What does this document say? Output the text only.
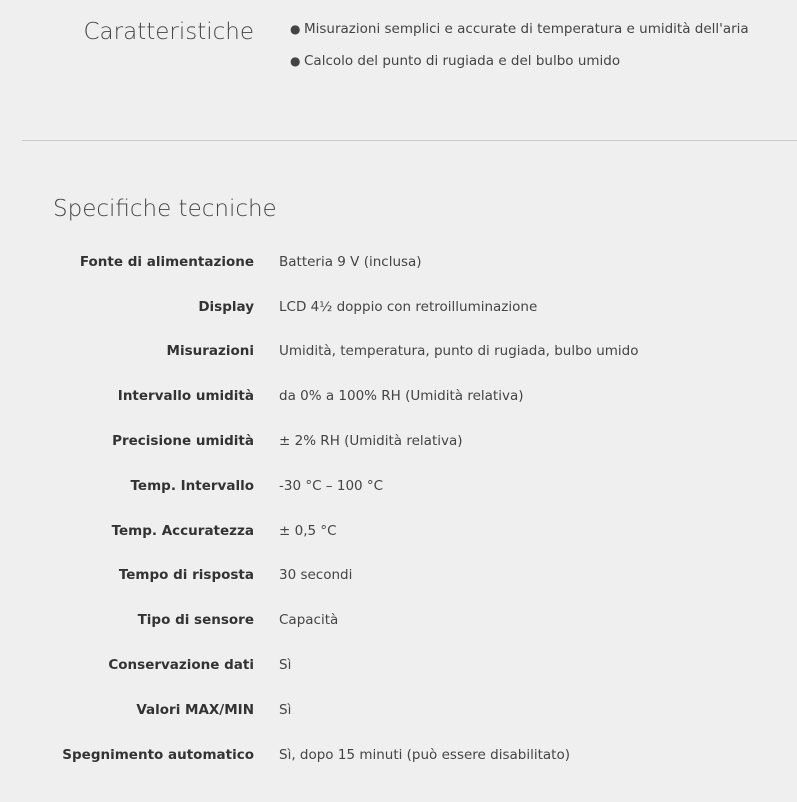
Caratteristiche	● Misurazioni semplici e accurate di temperatura e umidità dell'aria
● Calcolo del punto di rugiada e del bulbo umido
Specifiche tecniche
Fonte di alimentazione Batteria 9 V (inclusa)
Display LCD 4½ doppio con retroilluminazione
Misurazioni Umidità, temperatura, punto di rugiada, bulbo umido
Intervallo umidità da 0% a 100% RH (Umidità relativa)
Precisione umidità ± 2% RH (Umidità relativa)
Temp. Intervallo -30 °C – 100 °C
Temp. Accuratezza ± 0,5 °C
Tempo di risposta 30 secondi
Tipo di sensore Capacità
Conservazione dati Sì
Valori MAX/MIN Sì
Spegnimento automatico Sì, dopo 15 minuti (può essere disabilitato)
